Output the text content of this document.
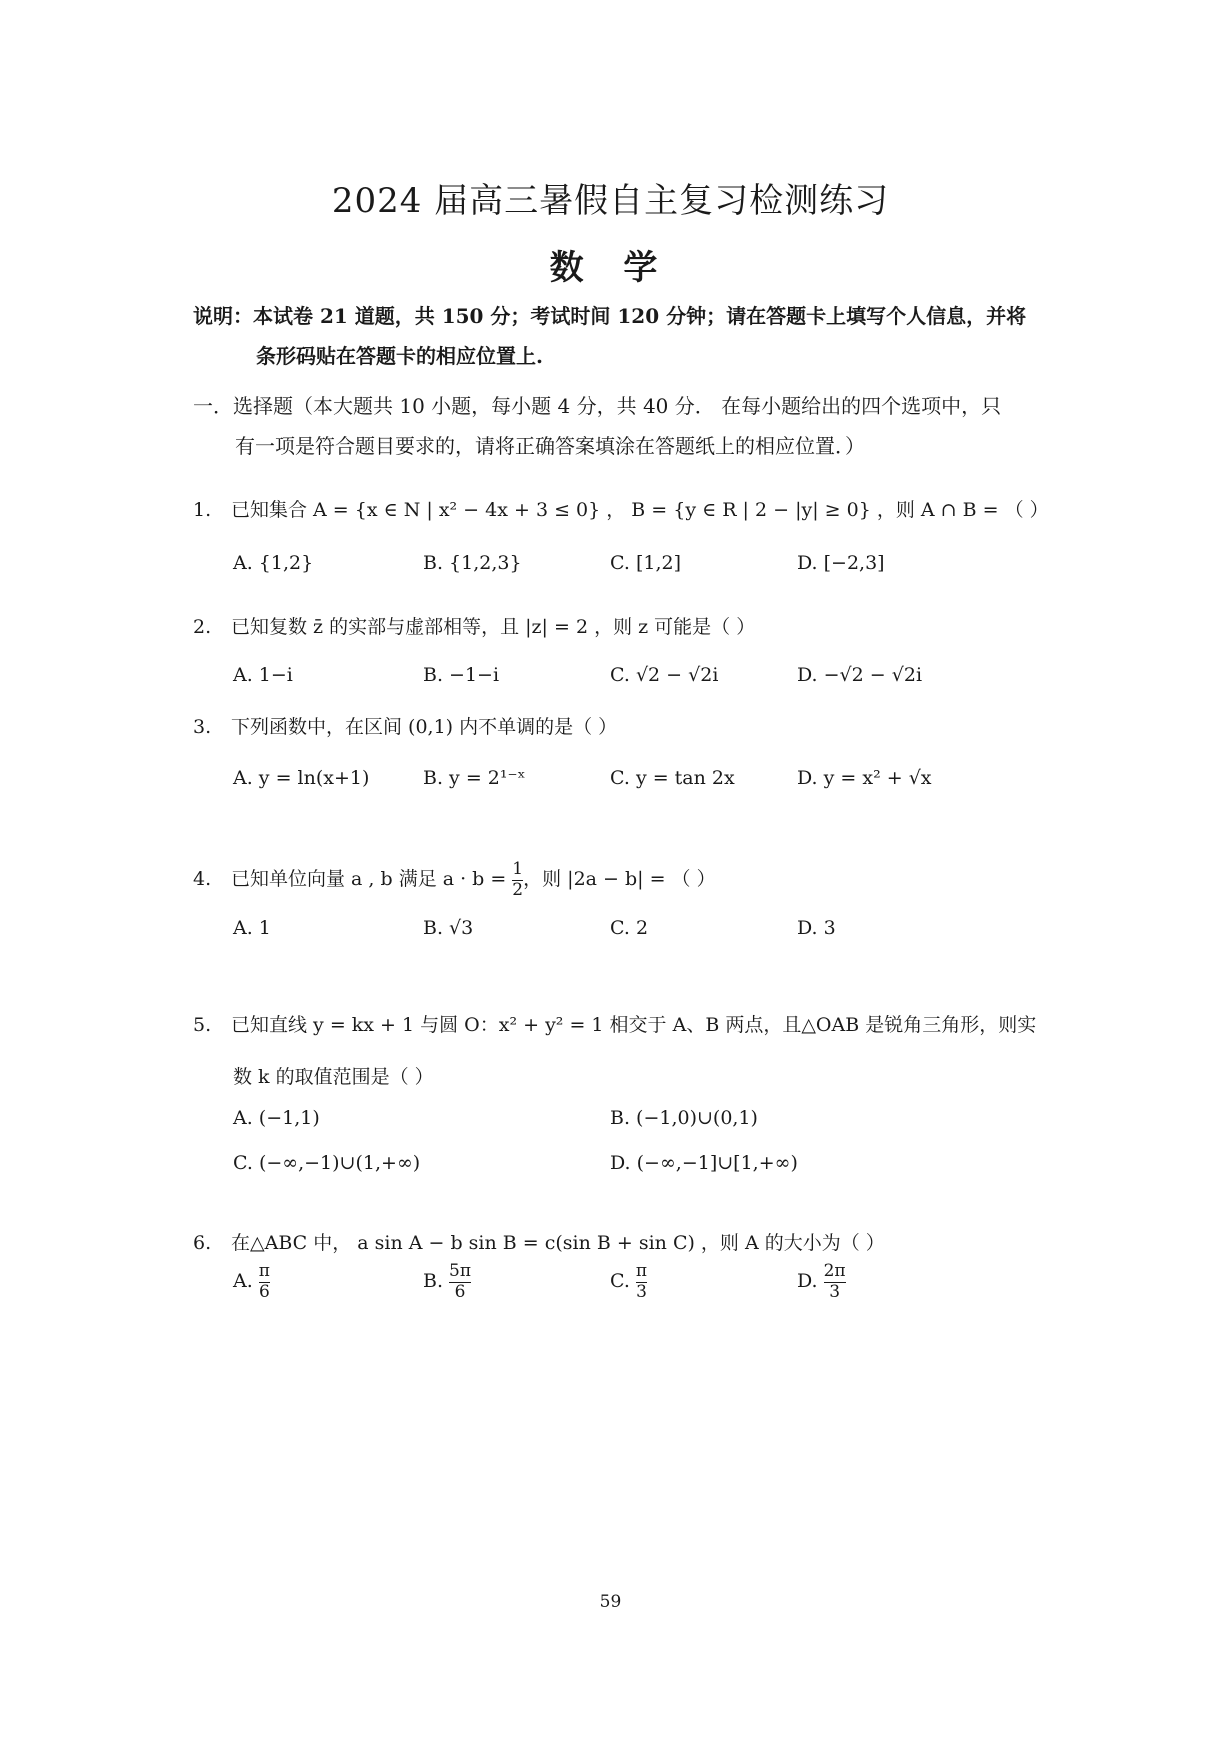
2024 届高三暑假自主复习检测练习
数 学
说明：本试卷 21 道题，共 150 分；考试时间 120 分钟；请在答题卡上填写个人信息，并将
条形码贴在答题卡的相应位置上.
一．选择题（本大题共 10 小题，每小题 4 分，共 40 分． 在每小题给出的四个选项中，只
有一项是符合题目要求的，请将正确答案填涂在答题纸上的相应位置．）
1. 已知集合 A = {x ∈ N | x² − 4x + 3 ≤ 0} ， B = {y ∈ R | 2 − |y| ≥ 0} ，则 A ∩ B = （ ）
A. {1,2}	B. {1,2,3}	C. [1,2]	D. [−2,3]
2. 已知复数 z̄ 的实部与虚部相等，且 |z| = 2 ，则 z 可能是（ ）
A. 1−i	B. −1−i	C. √2 − √2i	D. −√2 − √2i
3. 下列函数中，在区间 (0,1) 内不单调的是（ ）
A. y = ln(x+1)	B. y = 2¹⁻ˣ	C. y = tan 2x	D. y = x² + √x
4. 已知单位向量 a , b 满足 $a \cdot b = \frac{1}{2}$ ，则 |2a − b| = （ ）
A. 1	B. √3	C. 2	D. 3
5. 已知直线 y = kx + 1 与圆 O：x² + y² = 1 相交于 A、B 两点，且△OAB 是锐角三角形，则实
数 k 的取值范围是（ ）
A. (−1,1)	B. (−1,0)∪(0,1)
C. (−∞,−1)∪(1,+∞)	D. (−∞,−1]∪[1,+∞)
6. 在△ABC 中， a sin A − b sin B = c(sin B + sin C) ，则 A 的大小为（ ）
A. $\frac{\pi}{6}$	B. $\frac{5\pi}{6}$	C. $\frac{\pi}{3}$	D. $\frac{2\pi}{3}$
59
